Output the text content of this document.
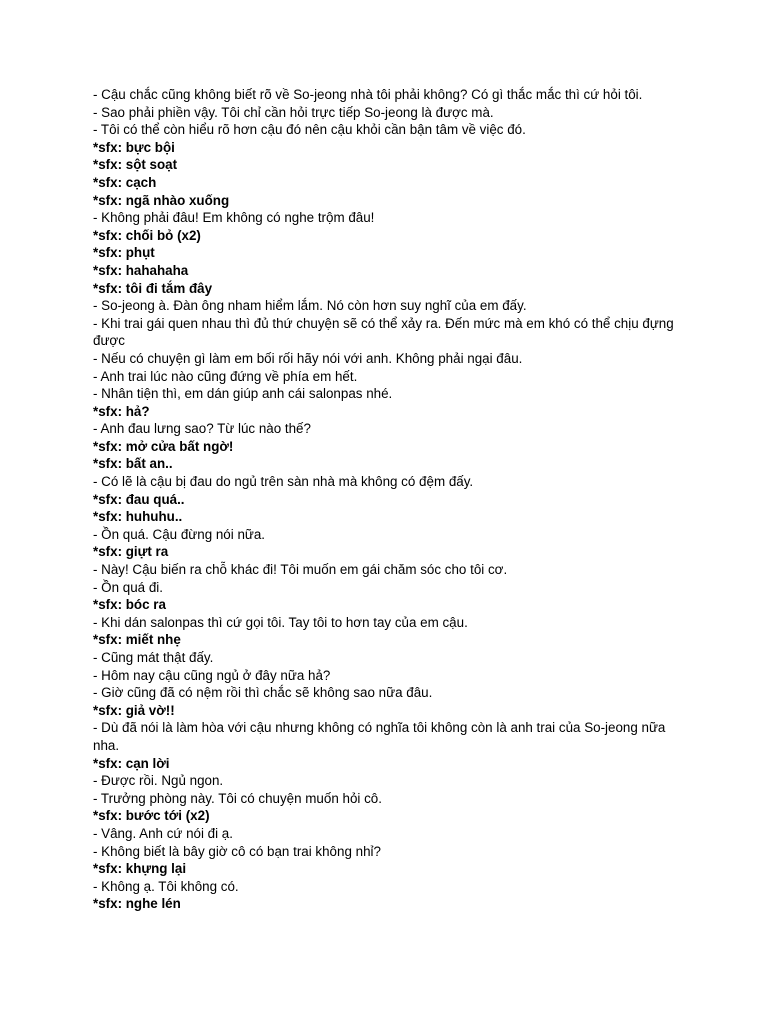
- Cậu chắc cũng không biết rõ về So-jeong nhà tôi phải không? Có gì thắc mắc thì cứ hỏi tôi.

- Sao phải phiền vậy. Tôi chỉ cần hỏi trực tiếp So-jeong là được mà.

- Tôi có thể còn hiểu rõ hơn cậu đó nên cậu khỏi cần bận tâm về việc đó.

*sfx: bực bội

*sfx: sột soạt

*sfx: cạch

*sfx: ngã nhào xuống

- Không phải đâu! Em không có nghe trộm đâu!

*sfx: chối bỏ (x2)

*sfx: phụt

*sfx: hahahaha

*sfx: tôi đi tắm đây

- So-jeong à. Đàn ông nham hiểm lắm. Nó còn hơn suy nghĩ của em đấy.

- Khi trai gái quen nhau thì đủ thứ chuyện sẽ có thể xảy ra. Đến mức mà em khó có thể chịu đựng được

- Nếu có chuyện gì làm em bối rối hãy nói với anh. Không phải ngại đâu.

- Anh trai lúc nào cũng đứng về phía em hết.

- Nhân tiện thì, em dán giúp anh cái salonpas nhé.

*sfx: hả?

- Anh đau lưng sao? Từ lúc nào thế?

*sfx: mở cửa bất ngờ!

*sfx: bất an..

- Có lẽ là cậu bị đau do ngủ trên sàn nhà mà không có đệm đấy.

*sfx: đau quá..

*sfx: huhuhu..

- Ồn quá. Cậu đừng nói nữa.

*sfx: giựt ra

- Này! Cậu biến ra chỗ khác đi! Tôi muốn em gái chăm sóc cho tôi cơ.

- Ồn quá đi.

*sfx: bóc ra

- Khi dán salonpas thì cứ gọi tôi. Tay tôi to hơn tay của em cậu.

*sfx: miết nhẹ

- Cũng mát thật đấy.

- Hôm nay cậu cũng ngủ ở đây nữa hả?

- Giờ cũng đã có nệm rồi thì chắc sẽ không sao nữa đâu.

*sfx: giả vờ!!

- Dù đã nói là làm hòa với cậu nhưng không có nghĩa tôi không còn là anh trai của So-jeong nữa nha.

*sfx: cạn lời

- Được rồi. Ngủ ngon.

- Trưởng phòng này. Tôi có chuyện muốn hỏi cô.

*sfx: bước tới (x2)

- Vâng. Anh cứ nói đi ạ.

- Không biết là bây giờ cô có bạn trai không nhỉ?

*sfx: khựng lại

- Không ạ. Tôi không có.

*sfx: nghe lén
